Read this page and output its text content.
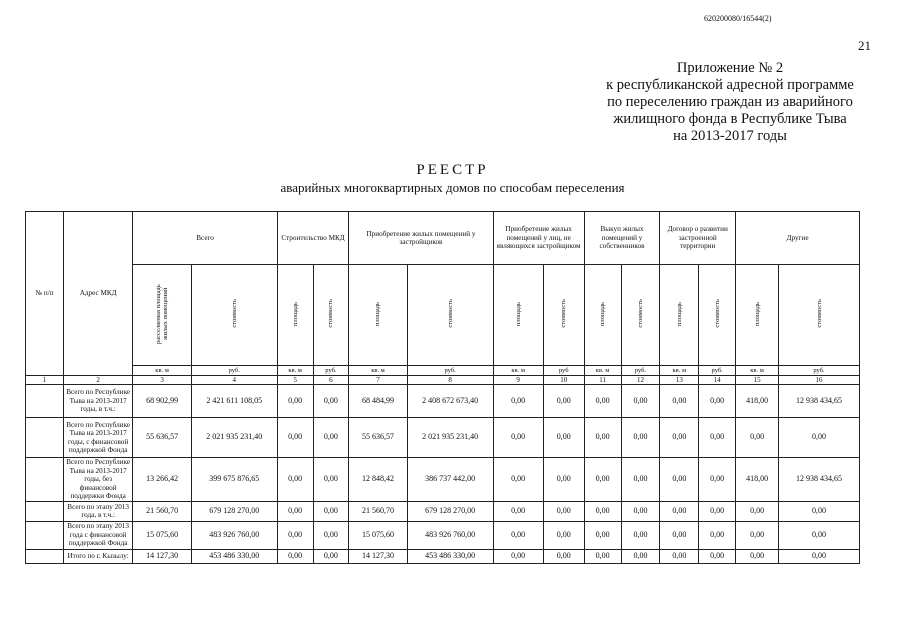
620200080/16544(2)
21
Приложение № 2
к республиканской адресной программе
по переселению граждан из аварийного
жилищного фонда в Республике Тыва
на 2013-2017 годы
РЕЕСТР
аварийных многоквартирных домов по способам переселения
№ п/п	Адрес МКД	Всего		Строительство МКД		Приобретение жилых помещений у застройщиков		Приобретение жилых помещений у лиц, не являющихся застройщиком		Выкуп жилых помещений у собственников		Договор о развитии застроенной территории		Другие	
		расселяемая площадь жилых помещений	стоимость	площадь	стоимость	площадь	стоимость	площадь	стоимость	площадь	стоимость	площадь	стоимость	площадь	стоимость
		кв. м	руб.	кв. м	руб.	кв. м	руб.	кв. м	руб	кв. м	руб.	кв. м	руб.	кв. м	руб.
1	2	3	4	5	6	7	8	9	10	11	12	13	14	15	16
	Всего по Республике Тыва на 2013-2017 годы, в т.ч.:	68 902,99	2 421 611 108,05	0,00	0,00	68 484,99	2 408 672 673,40	0,00	0,00	0,00	0,00	0,00	0,00	418,00	12 938 434,65
	Всего по Республике Тыва на 2013-2017 годы, с финансовой поддержкой Фонда	55 636,57	2 021 935 231,40	0,00	0,00	55 636,57	2 021 935 231,40	0,00	0,00	0,00	0,00	0,00	0,00	0,00	0,00
	Всего по Республике Тыва на 2013-2017 годы, без финансовой поддержки Фонда	13 266,42	399 675 876,65	0,00	0,00	12 848,42	386 737 442,00	0,00	0,00	0,00	0,00	0,00	0,00	418,00	12 938 434,65
	Всего по этапу 2013 года, в т.ч.:	21 560,70	679 128 270,00	0,00	0,00	21 560,70	679 128 270,00	0,00	0,00	0,00	0,00	0,00	0,00	0,00	0,00
	Всего по этапу 2013 года с финансовой поддержкой Фонда	15 075,60	483 926 760,00	0,00	0,00	15 075,60	483 926 760,00	0,00	0,00	0,00	0,00	0,00	0,00	0,00	0,00
	Итого по г. Кызылу:	14 127,30	453 486 330,00	0,00	0,00	14 127,30	453 486 330,00	0,00	0,00	0,00	0,00	0,00	0,00	0,00	0,00
